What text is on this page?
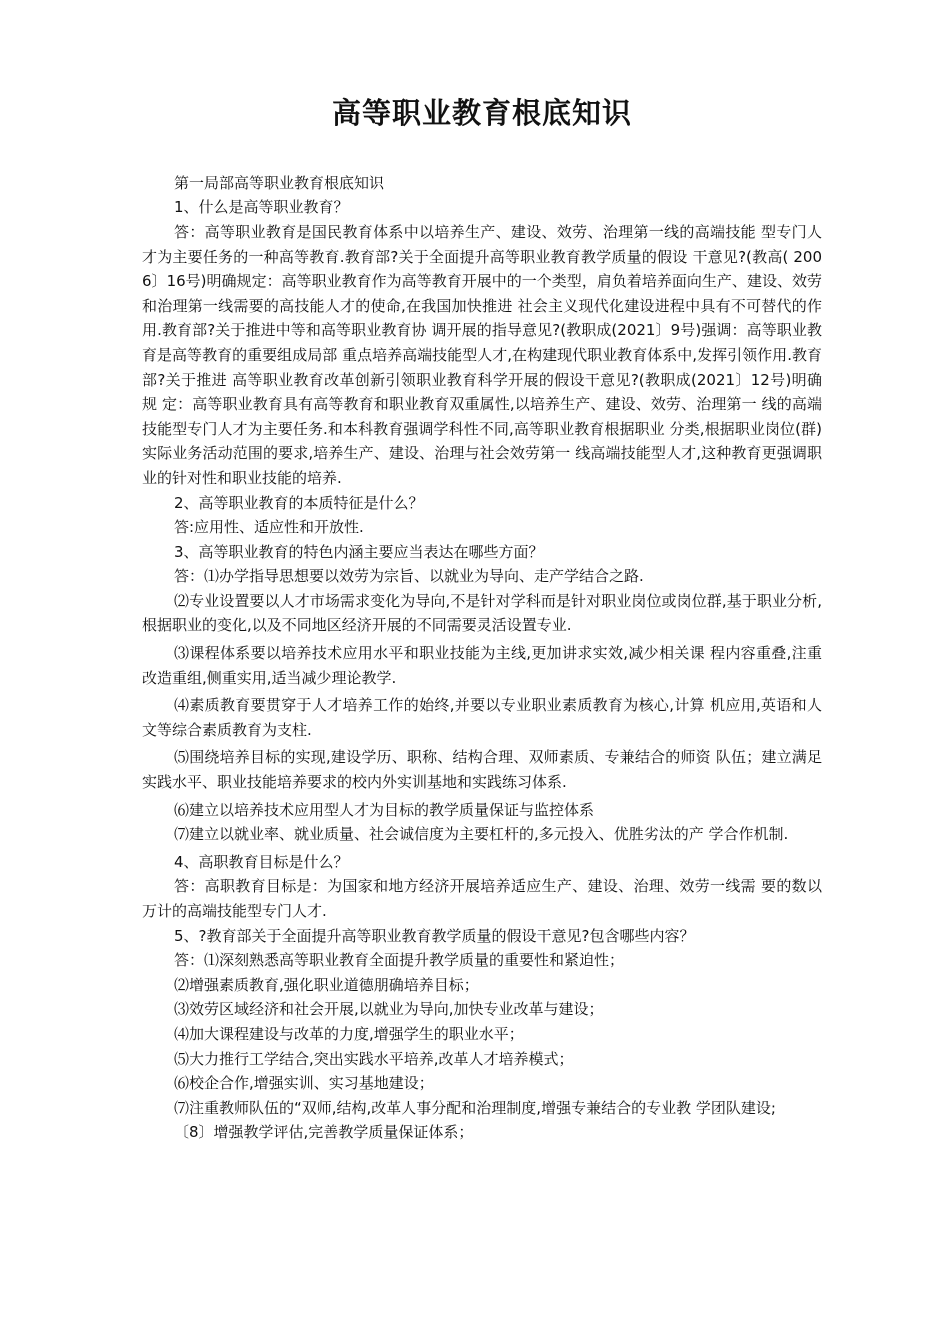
高等职业教育根底知识

第一局部高等职业教育根底知识

1、什么是高等职业教育？

答：高等职业教育是国民教育体系中以培养生产、建设、效劳、治理第一线的高端技能 型专门人才为主要任务的一种高等教育.教育部?关于全面提升高等职业教育教学质量的假设 干意见?(教高( 2006〕16号)明确规定：高等职业教育作为高等教育开展中的一个类型，肩负着培养面向生产、建设、效劳和治理第一线需要的高技能人才的使命,在我国加快推进 社会主义现代化建设进程中具有不可替代的作用.教育部?关于推进中等和高等职业教育协 调开展的指导意见?(教职成(2021〕9号)强调：高等职业教育是高等教育的重要组成局部 重点培养高端技能型人才,在构建现代职业教育体系中,发挥引领作用.教育部?关于推进 高等职业教育改革创新引领职业教育科学开展的假设干意见?(教职成(2021〕12号)明确规 定：高等职业教育具有高等教育和职业教育双重属性,以培养生产、建设、效劳、治理第一 线的高端技能型专门人才为主要任务.和本科教育强调学科性不同,高等职业教育根据职业 分类,根据职业岗位(群)实际业务活动范围的要求,培养生产、建设、治理与社会效劳第一 线高端技能型人才,这种教育更强调职业的针对性和职业技能的培养.

2、高等职业教育的本质特征是什么？

答:应用性、适应性和开放性.

3、高等职业教育的特色内涵主要应当表达在哪些方面？

答：⑴办学指导思想要以效劳为宗旨、以就业为导向、走产学结合之路.

⑵专业设置要以人才市场需求变化为导向,不是针对学科而是针对职业岗位或岗位群,基于职业分析,根据职业的变化,以及不同地区经济开展的不同需要灵活设置专业.

⑶课程体系要以培养技术应用水平和职业技能为主线,更加讲求实效,减少相关课 程内容重叠,注重改造重组,侧重实用,适当减少理论教学.

⑷素质教育要贯穿于人才培养工作的始终,并要以专业职业素质教育为核心,计算 机应用,英语和人文等综合素质教育为支柱.

⑸围绕培养目标的实现,建设学历、职称、结构合理、双师素质、专兼结合的师资 队伍；建立满足实践水平、职业技能培养要求的校内外实训基地和实践练习体系.

⑹建立以培养技术应用型人才为目标的教学质量保证与监控体系

⑺建立以就业率、就业质量、社会诚信度为主要杠杆的,多元投入、优胜劣汰的产 学合作机制.

4、高职教育目标是什么？

答：高职教育目标是：为国家和地方经济开展培养适应生产、建设、治理、效劳一线需 要的数以万计的高端技能型专门人才.

5、?教育部关于全面提升高等职业教育教学质量的假设干意见?包含哪些内容？

答：⑴深刻熟悉高等职业教育全面提升教学质量的重要性和紧迫性；

⑵增强素质教育,强化职业道德朋确培养目标；

⑶效劳区域经济和社会开展,以就业为导向,加快专业改革与建设；

⑷加大课程建设与改革的力度,增强学生的职业水平；

⑸大力推行工学结合,突出实践水平培养,改革人才培养模式；

⑹校企合作,增强实训、实习基地建设；

⑺注重教师队伍的“双师,结构,改革人事分配和治理制度,增强专兼结合的专业教 学团队建设;

〔8〕增强教学评估,完善教学质量保证体系；
